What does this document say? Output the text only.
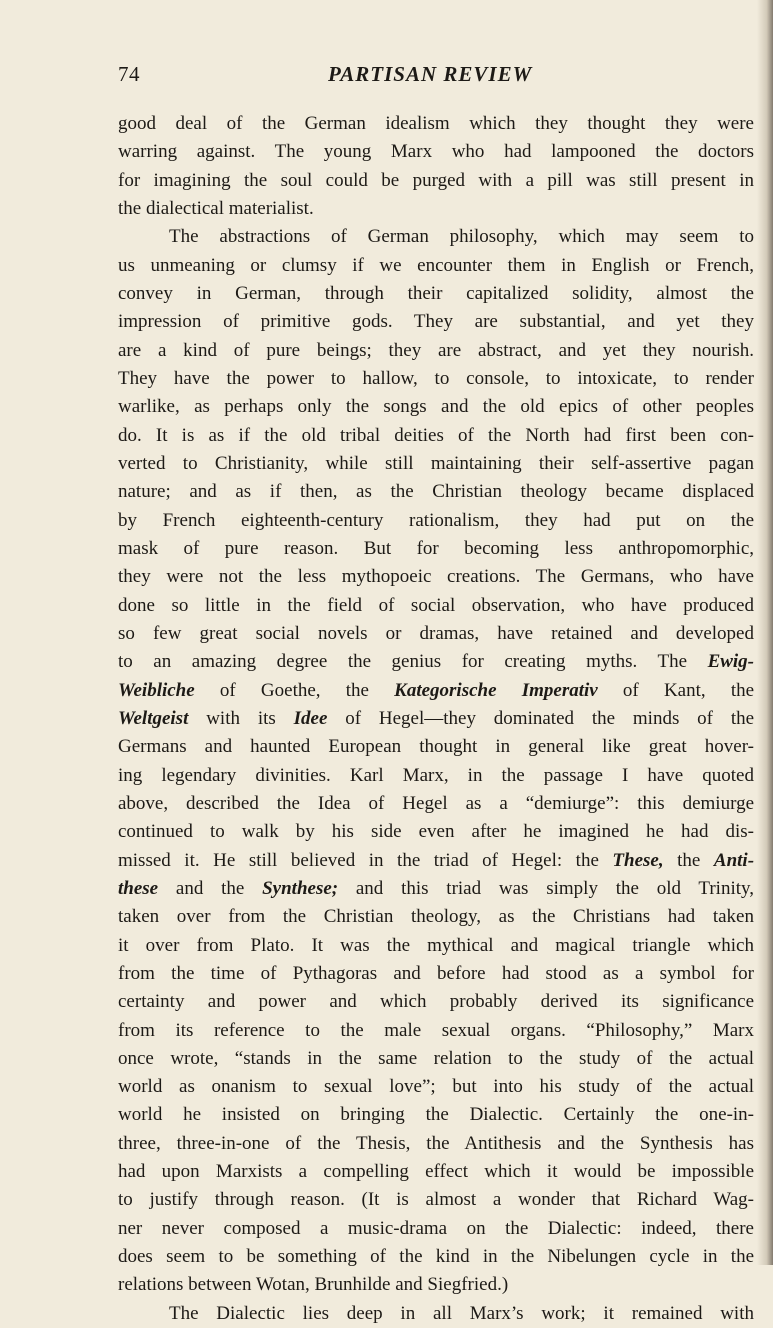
74	PARTISAN REVIEW
good deal of the German idealism which they thought they were
warring against. The young Marx who had lampooned the doctors
for imagining the soul could be purged with a pill was still present in
the dialectical materialist.
The abstractions of German philosophy, which may seem to
us unmeaning or clumsy if we encounter them in English or French,
convey in German, through their capitalized solidity, almost the
impression of primitive gods. They are substantial, and yet they
are a kind of pure beings; they are abstract, and yet they nourish.
They have the power to hallow, to console, to intoxicate, to render
warlike, as perhaps only the songs and the old epics of other peoples
do. It is as if the old tribal deities of the North had first been con-
verted to Christianity, while still maintaining their self-assertive pagan
nature; and as if then, as the Christian theology became displaced
by French eighteenth-century rationalism, they had put on the
mask of pure reason. But for becoming less anthropomorphic,
they were not the less mythopoeic creations. The Germans, who have
done so little in the field of social observation, who have produced
so few great social novels or dramas, have retained and developed
to an amazing degree the genius for creating myths. The Ewig-
Weibliche of Goethe, the Kategorische Imperativ of Kant, the
Weltgeist with its Idee of Hegel—they dominated the minds of the
Germans and haunted European thought in general like great hover-
ing legendary divinities. Karl Marx, in the passage I have quoted
above, described the Idea of Hegel as a “demiurge”: this demiurge
continued to walk by his side even after he imagined he had dis-
missed it. He still believed in the triad of Hegel: the These, the Anti-
these and the Synthese; and this triad was simply the old Trinity,
taken over from the Christian theology, as the Christians had taken
it over from Plato. It was the mythical and magical triangle which
from the time of Pythagoras and before had stood as a symbol for
certainty and power and which probably derived its significance
from its reference to the male sexual organs. “Philosophy,” Marx
once wrote, “stands in the same relation to the study of the actual
world as onanism to sexual love”; but into his study of the actual
world he insisted on bringing the Dialectic. Certainly the one-in-
three, three-in-one of the Thesis, the Antithesis and the Synthesis has
had upon Marxists a compelling effect which it would be impossible
to justify through reason. (It is almost a wonder that Richard Wag-
ner never composed a music-drama on the Dialectic: indeed, there
does seem to be something of the kind in the Nibelungen cycle in the
relations between Wotan, Brunhilde and Siegfried.)
The Dialectic lies deep in all Marx’s work; it remained with
